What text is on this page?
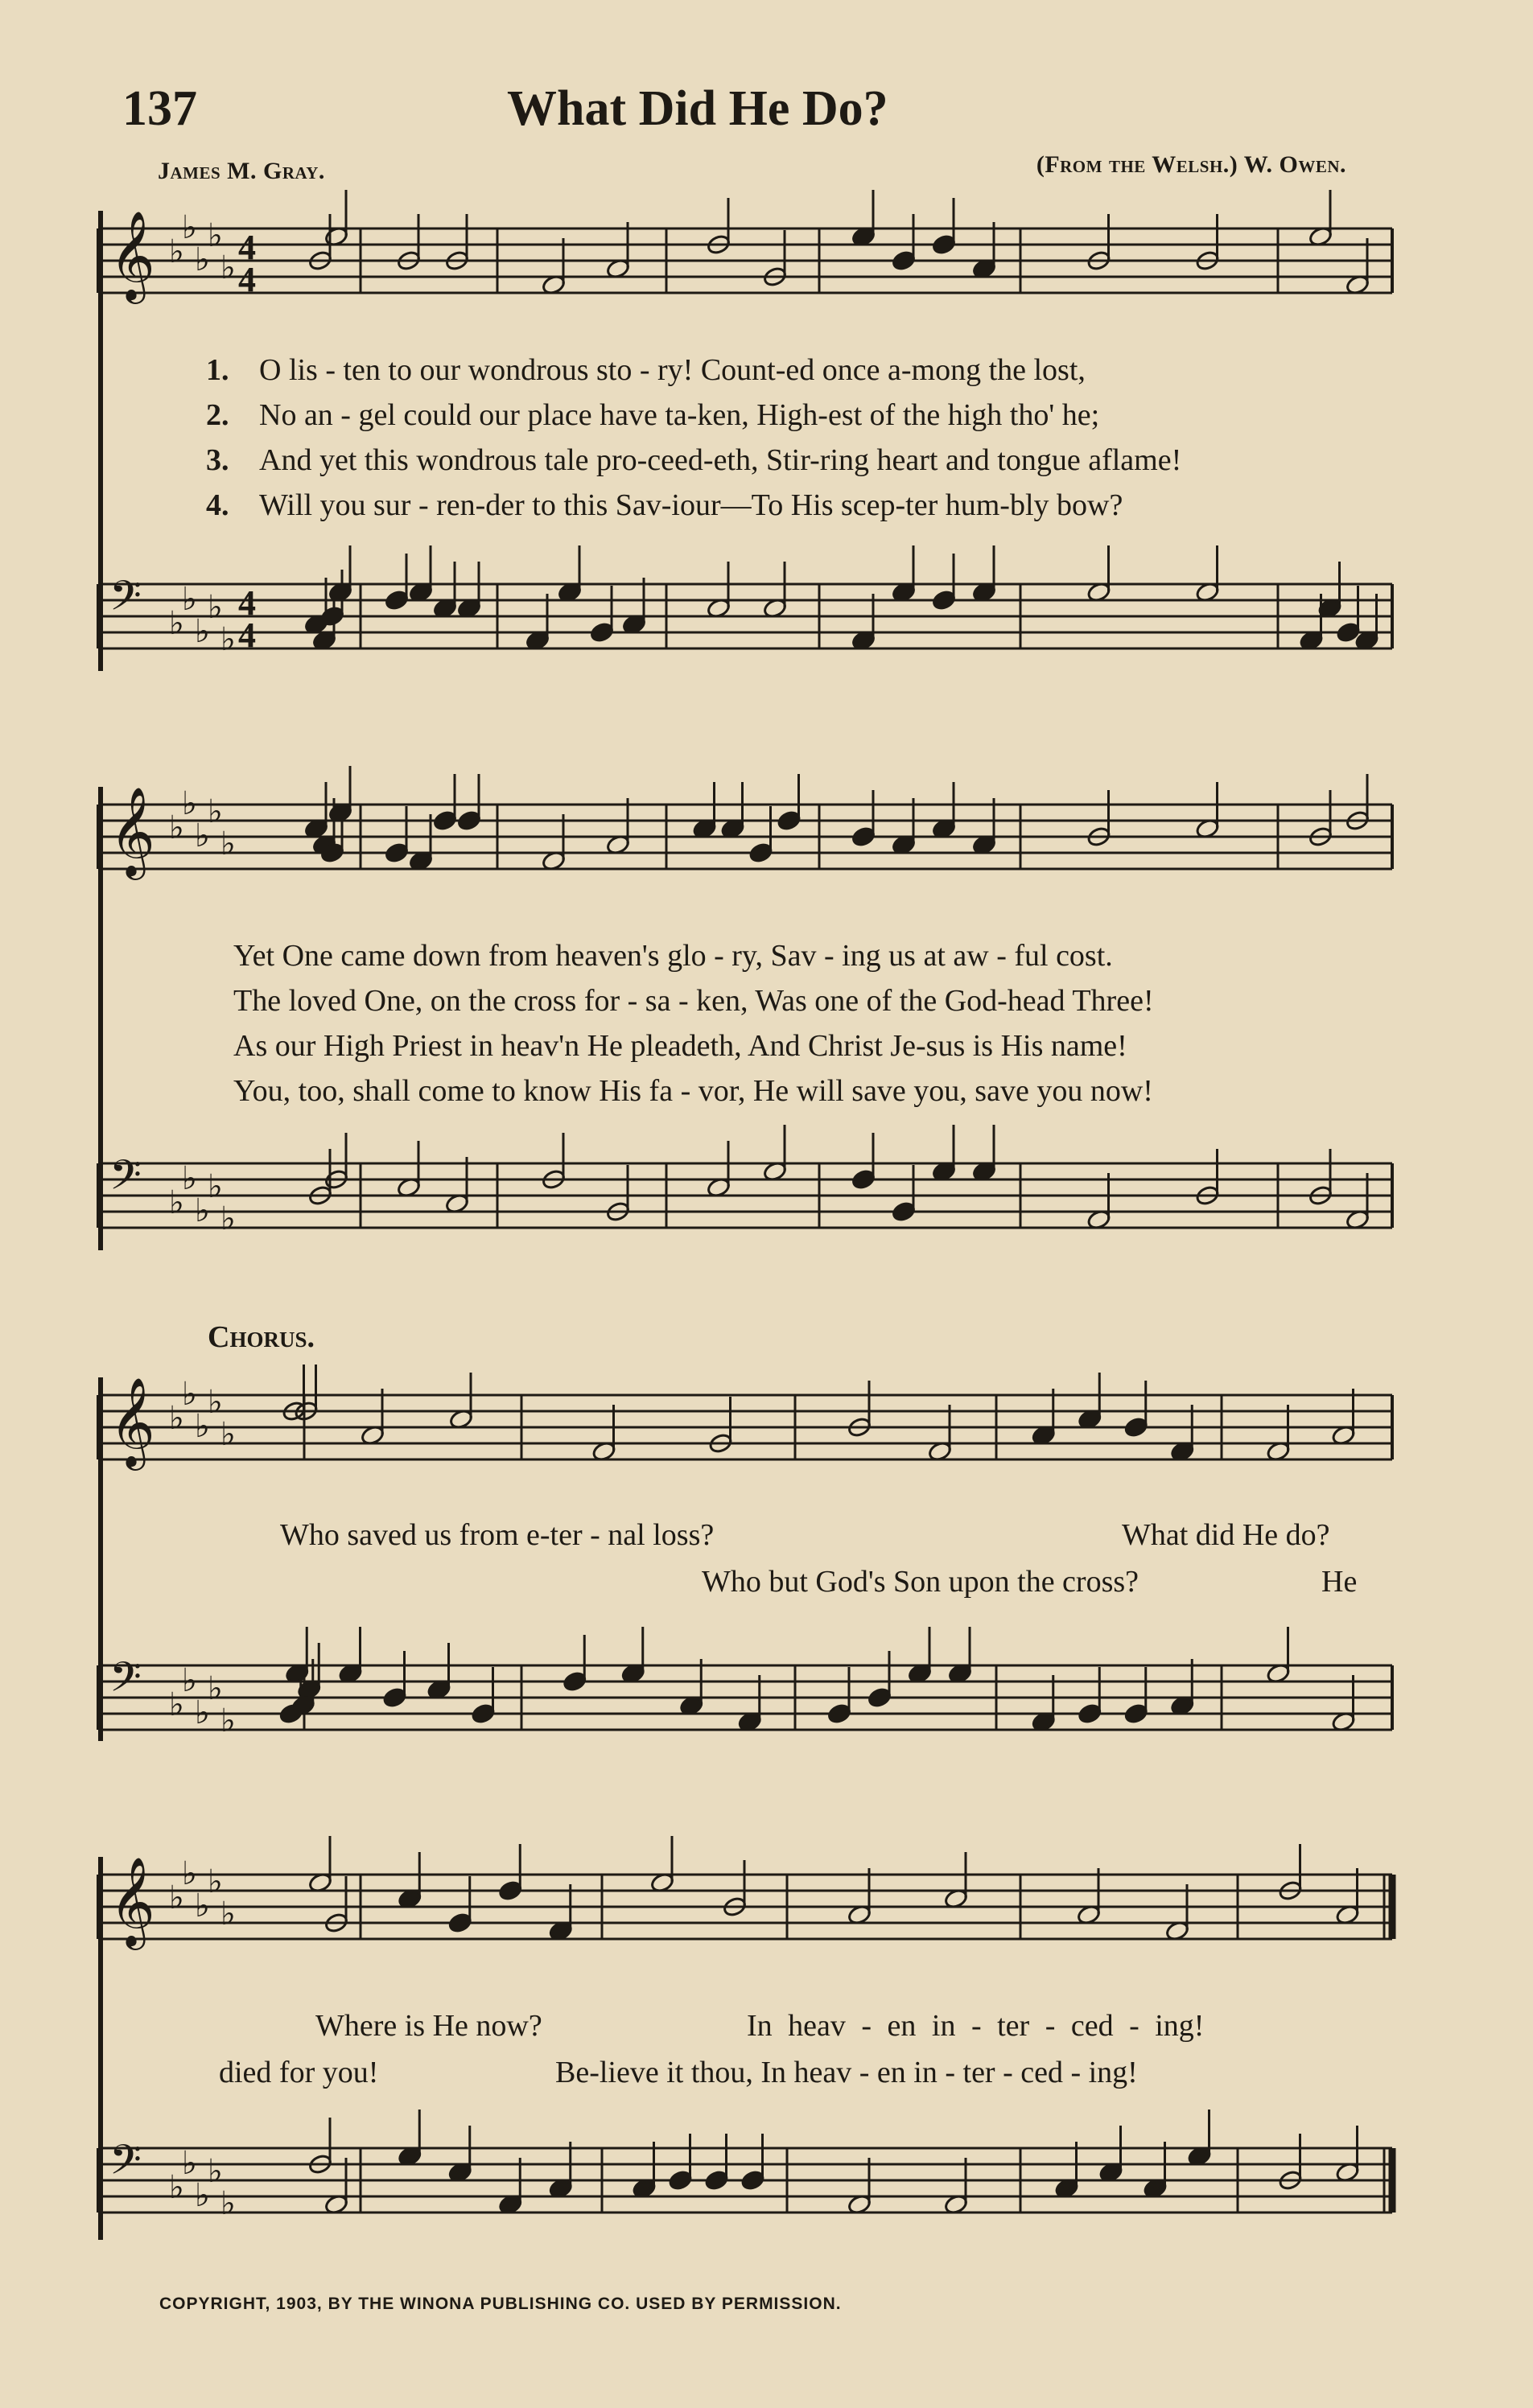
137	What Did He Do?
James M. Gray.	(From the Welsh.) W. Owen.
𝄞 ♭
♭
♭
♭
♭
4
4
1. O lis - ten to our wondrous sto - ry! Count-ed once a-mong the lost,
2. No an - gel could our place have ta-ken, High-est of the high tho' he;
3. And yet this wondrous tale pro-ceed-eth, Stir-ring heart and tongue aflame!
4. Will you sur - ren-der to this Sav-iour—To His scep-ter hum-bly bow?
𝄢 ♭
♭
♭
♭
♭
4
4
𝄞 ♭
♭
♭
♭
♭
Yet One came down from heaven's glo - ry, Sav - ing us at aw - ful cost.
The loved One, on the cross for - sa - ken, Was one of the God-head Three!
As our High Priest in heav'n He pleadeth, And Christ Je-sus is His name!
You, too, shall come to know His fa - vor, He will save you, save you now!
𝄢 ♭
♭
♭
♭
♭
Chorus.
𝄞 ♭
♭
♭
♭
♭
Who saved us from e-ter - nal loss?	What did He do?
Who but God's Son upon the cross?	He
𝄢 ♭
♭
♭
♭
♭
𝄞 ♭
♭
♭
♭
♭
Where is He now?	In heav - en in - ter - ced - ing!
died for you!	Be-lieve it thou, In heav - en in - ter - ced - ing!
𝄢 ♭
♭
♭
♭
♭
COPYRIGHT, 1903, BY THE WINONA PUBLISHING CO. USED BY PERMISSION.
